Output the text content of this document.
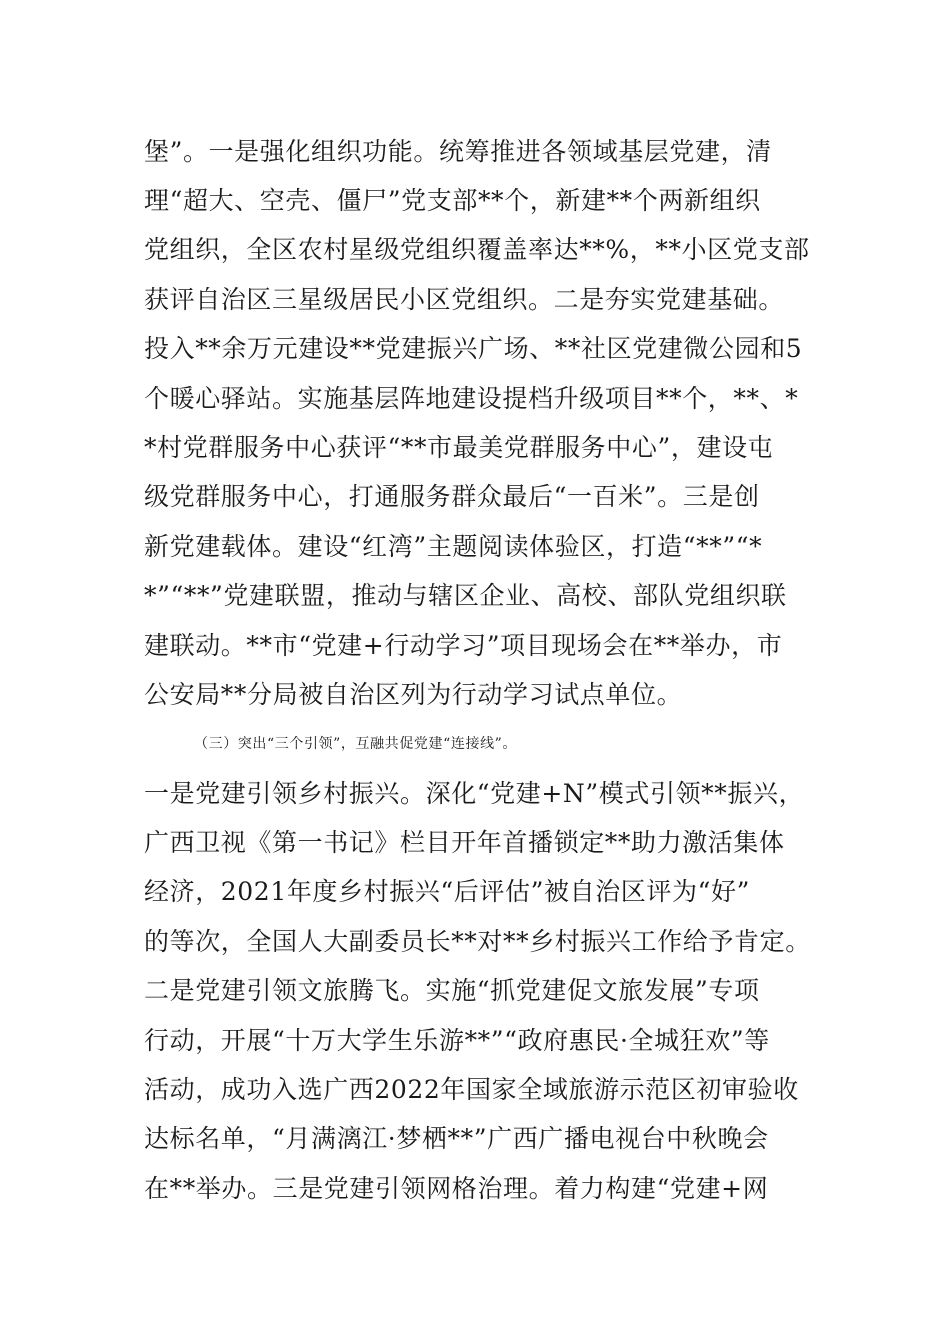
堡”。一是强化组织功能。统筹推进各领域基层党建，清
理“超大、空壳、僵尸”党支部**个，新建**个两新组织
党组织，全区农村星级党组织覆盖率达**%，**小区党支部
获评自治区三星级居民小区党组织。二是夯实党建基础。
投入**余万元建设**党建振兴广场、**社区党建微公园和5
个暖心驿站。实施基层阵地建设提档升级项目**个，**、*
*村党群服务中心获评“**市最美党群服务中心”，建设屯
级党群服务中心，打通服务群众最后“一百米”。三是创
新党建载体。建设“红湾”主题阅读体验区，打造“**”“*
*”“**”党建联盟，推动与辖区企业、高校、部队党组织联
建联动。**市“党建+行动学习”项目现场会在**举办，市
公安局**分局被自治区列为行动学习试点单位。
（三）突出“三个引领”，互融共促党建“连接线”。
一是党建引领乡村振兴。深化“党建+N”模式引领**振兴，
广西卫视《第一书记》栏目开年首播锁定**助力激活集体
经济，2021年度乡村振兴“后评估”被自治区评为“好”
的等次，全国人大副委员长**对**乡村振兴工作给予肯定。
二是党建引领文旅腾飞。实施“抓党建促文旅发展”专项
行动，开展“十万大学生乐游**”“政府惠民·全城狂欢”等
活动，成功入选广西2022年国家全域旅游示范区初审验收
达标名单，“月满漓江·梦栖**”广西广播电视台中秋晚会
在**举办。三是党建引领网格治理。着力构建“党建+网
